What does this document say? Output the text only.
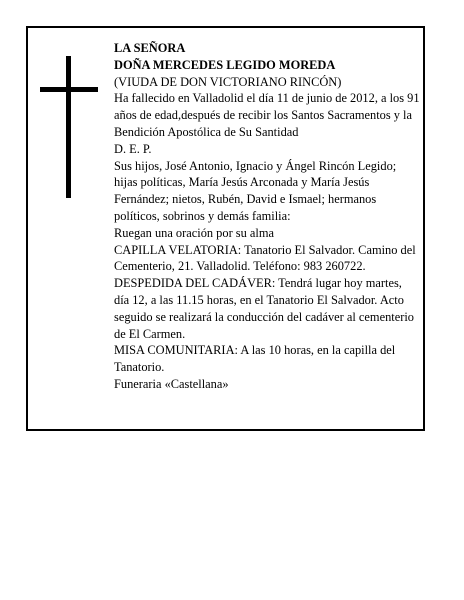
LA SEÑORA

DOÑA MERCEDES LEGIDO MOREDA

(VIUDA DE DON VICTORIANO RINCÓN)

Ha fallecido en Valladolid el día 11 de junio de 2012, a los 91 años de edad,después de recibir los Santos Sacramentos y la Bendición Apostólica de Su Santidad

D. E. P.

Sus hijos, José Antonio, Ignacio y Ángel Rincón Legido; hijas políticas, María Jesús Arconada y María Jesús Fernández; nietos, Rubén, David e Ismael; hermanos políticos, sobrinos y demás familia:

Ruegan una oración por su alma

CAPILLA VELATORIA: Tanatorio El Salvador. Camino del Cementerio, 21. Valladolid. Teléfono: 983 260722.

DESPEDIDA DEL CADÁVER: Tendrá lugar hoy martes, día 12, a las 11.15 horas, en el Tanatorio El Salvador. Acto seguido se realizará la conducción del cadáver al cementerio de El Carmen.

MISA COMUNITARIA: A las 10 horas, en la capilla del Tanatorio.

Funeraria «Castellana»
